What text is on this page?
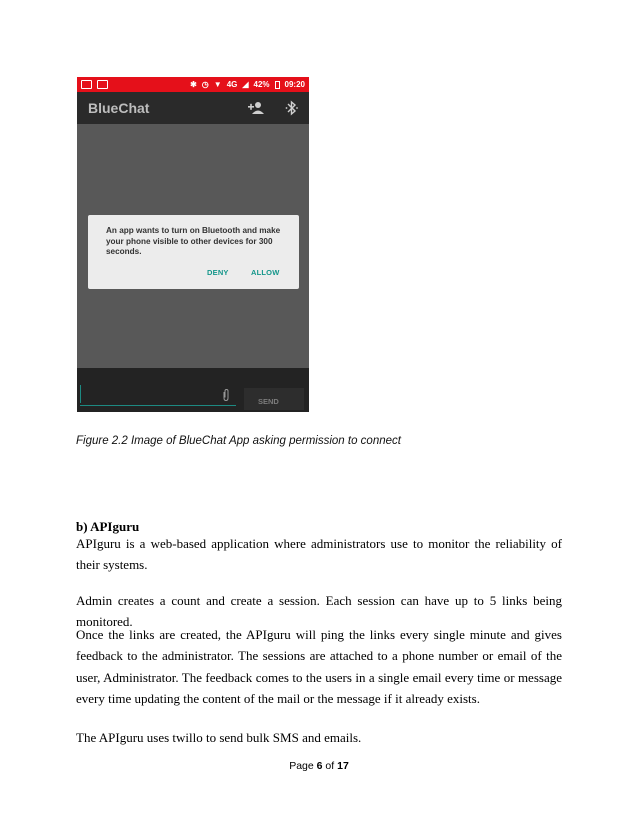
✱ ◷ ▼ 4G ◢ 42% 09:20
BlueChat
An app wants to turn on Bluetooth and make your phone visible to other devices for 300 seconds.
DENY	ALLOW
SEND
Figure 2.2 Image of BlueChat App asking permission to connect
b) APIguru
APIguru is a web-based application where administrators use to monitor the reliability of their systems.
Admin creates a count and create a session. Each session can have up to 5 links being monitored.
Once the links are created, the APIguru will ping the links every single minute and gives feedback to the administrator. The sessions are attached to a phone number or email of the user, Administrator. The feedback comes to the users in a single email every time or message every time updating the content of the mail or the message if it already exists.
The APIguru uses twillo to send bulk SMS and emails.
Page 6 of 17
